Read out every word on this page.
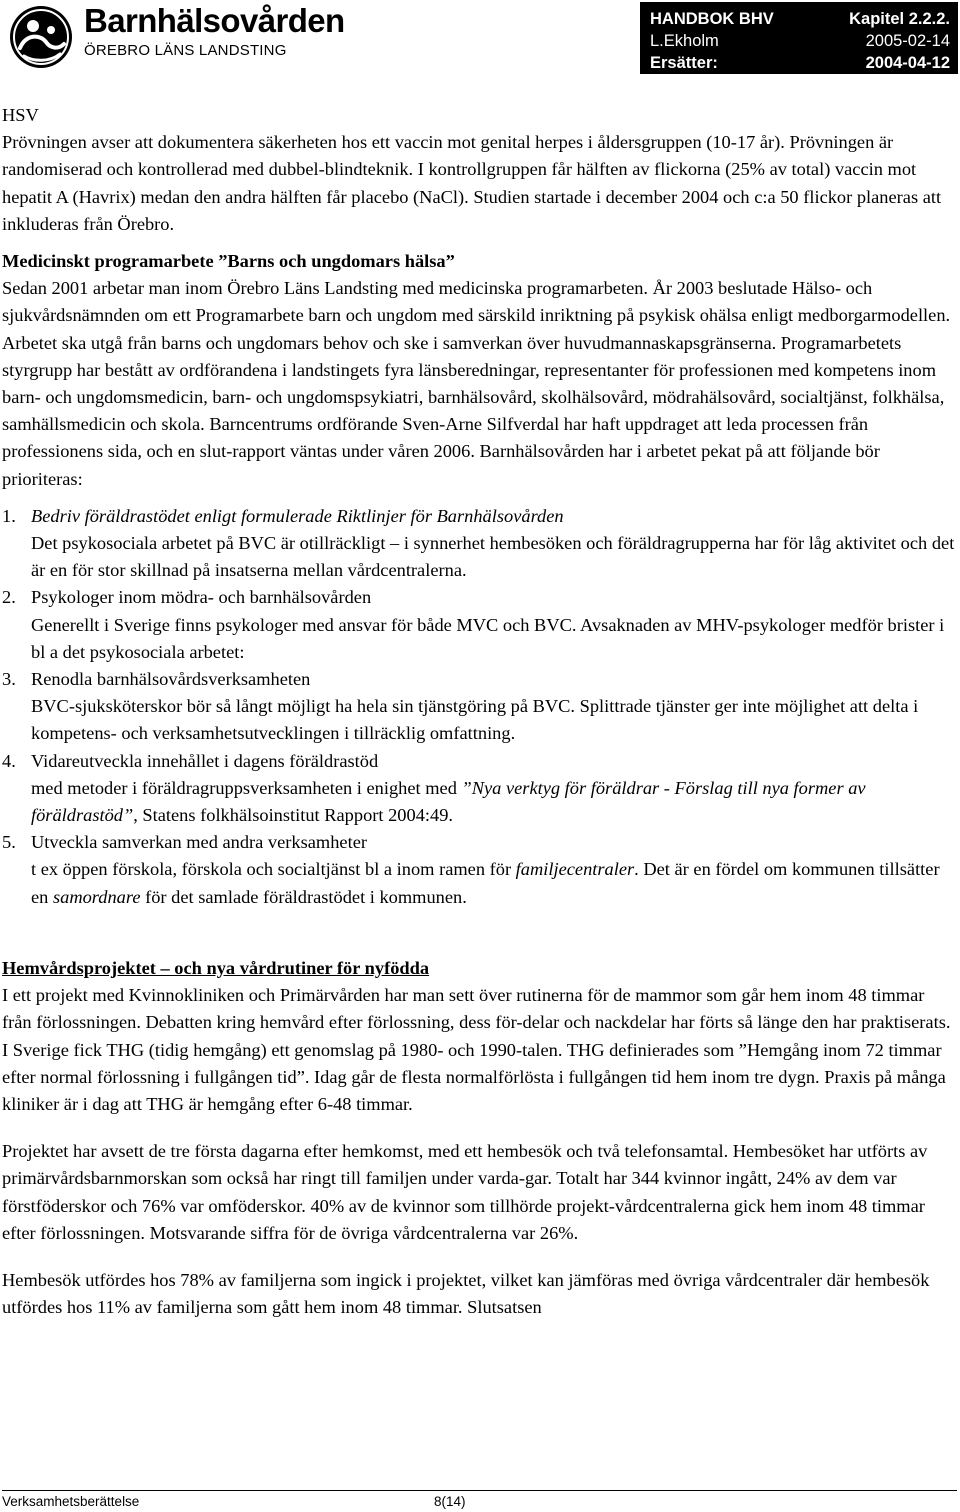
Barnhälsovården
ÖREBRO LÄNS LANDSTING
HANDBOK BHV	Kapitel 2.2.2.
L.Ekholm	2005-02-14
Ersätter:	2004-04-12

HSV

Prövningen avser att dokumentera säkerheten hos ett vaccin mot genital herpes i åldersgruppen (10-17 år). Prövningen är randomiserad och kontrollerad med dubbel-blindteknik. I kontrollgruppen får hälften av flickorna (25% av total) vaccin mot hepatit A (Havrix) medan den andra hälften får placebo (NaCl). Studien startade i december 2004 och c:a 50 flickor planeras att inkluderas från Örebro.

Medicinskt programarbete ”Barns och ungdomars hälsa”

Sedan 2001 arbetar man inom Örebro Läns Landsting med medicinska programarbeten. År 2003 beslutade Hälso- och sjukvårdsnämnden om ett Programarbete barn och ungdom med särskild inriktning på psykisk ohälsa enligt medborgarmodellen. Arbetet ska utgå från barns och ungdomars behov och ske i samverkan över huvudmannaskapsgränserna. Programarbetets styrgrupp har bestått av ordförandena i landstingets fyra länsberedningar, representanter för professionen med kompetens inom barn- och ungdomsmedicin, barn- och ungdomspsykiatri, barnhälsovård, skolhälsovård, mödrahälsovård, socialtjänst, folkhälsa, samhällsmedicin och skola. Barncentrums ordförande Sven-Arne Silfverdal har haft uppdraget att leda processen från professionens sida, och en slut-rapport väntas under våren 2006. Barnhälsovården har i arbetet pekat på att följande bör prioriteras:

1. Bedriv föräldrastödet enligt formulerade Riktlinjer för Barnhälsovården
Det psykosociala arbetet på BVC är otillräckligt – i synnerhet hembesöken och föräldragrupperna har för låg aktivitet och det är en för stor skillnad på insatserna mellan vårdcentralerna.
2. Psykologer inom mödra- och barnhälsovården
Generellt i Sverige finns psykologer med ansvar för både MVC och BVC. Avsaknaden av MHV-psykologer medför brister i bl a det psykosociala arbetet:
3. Renodla barnhälsovårdsverksamheten
BVC-sjuksköterskor bör så långt möjligt ha hela sin tjänstgöring på BVC. Splittrade tjänster ger inte möjlighet att delta i kompetens- och verksamhetsutvecklingen i tillräcklig omfattning.
4. Vidareutveckla innehållet i dagens föräldrastöd
med metoder i föräldragruppsverksamheten i enighet med ”Nya verktyg för föräldrar - Förslag till nya former av föräldrastöd”, Statens folkhälsoinstitut Rapport 2004:49.
5. Utveckla samverkan med andra verksamheter
t ex öppen förskola, förskola och socialtjänst bl a inom ramen för familjecentraler. Det är en fördel om kommunen tillsätter en samordnare för det samlade föräldrastödet i kommunen.

Hemvårdsprojektet – och nya vårdrutiner för nyfödda

I ett projekt med Kvinnokliniken och Primärvården har man sett över rutinerna för de mammor som går hem inom 48 timmar från förlossningen. Debatten kring hemvård efter förlossning, dess för-delar och nackdelar har förts så länge den har praktiserats. I Sverige fick THG (tidig hemgång) ett genomslag på 1980- och 1990-talen. THG definierades som ”Hemgång inom 72 timmar efter normal förlossning i fullgången tid”. Idag går de flesta normalförlösta i fullgången tid hem inom tre dygn. Praxis på många kliniker är i dag att THG är hemgång efter 6-48 timmar.

Projektet har avsett de tre första dagarna efter hemkomst, med ett hembesök och två telefonsamtal. Hembesöket har utförts av primärvårdsbarnmorskan som också har ringt till familjen under varda-gar. Totalt har 344 kvinnor ingått, 24% av dem var förstföderskor och 76% var omföderskor. 40% av de kvinnor som tillhörde projekt-vårdcentralerna gick hem inom 48 timmar efter förlossningen. Motsvarande siffra för de övriga vårdcentralerna var 26%.

Hembesök utfördes hos 78% av familjerna som ingick i projektet, vilket kan jämföras med övriga vårdcentraler där hembesök utfördes hos 11% av familjerna som gått hem inom 48 timmar. Slutsatsen

Verksamhetsberättelse	8(14)
